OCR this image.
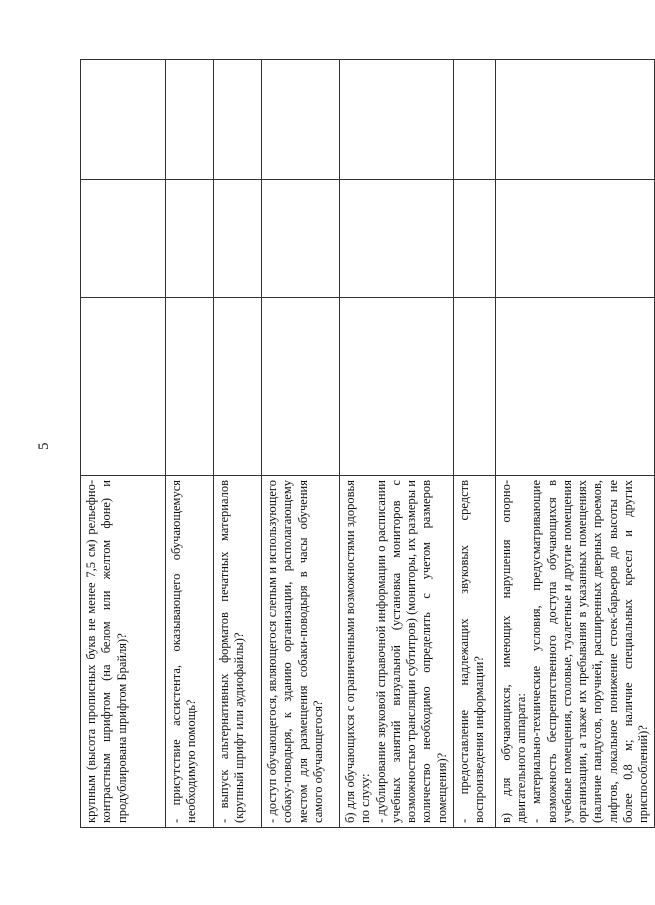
5
крупным (высота прописных букв не менее 7,5 см) рельефно-контрастным шрифтом (на белом или желтом фоне) и продублирована шрифтом Брайля)?			
- присутствие ассистента, оказывающего обучающемуся необходимую помощь?			
- выпуск альтернативных форматов печатных материалов (крупный шрифт или аудиофайлы)?			
- доступ обучающегося, являющегося слепым и использующего собаку-поводыря, к зданию организации, располагающему местом для размещения собаки-поводыря в часы обучения самого обучающегося?			
б) для обучающихся с ограниченными возможностями здоровья по слуху:
- дублирование звуковой справочной информации о расписании учебных занятий визуальной (установка мониторов с возможностью трансляции субтитров) (мониторы, их размеры и количество необходимо определить с учетом размеров помещения)?			
- предоставление надлежащих звуковых средств воспроизведения информации?			
в) для обучающихся, имеющих нарушения опорно-двигательного аппарата:
- материально-технические условия, предусматривающие возможность беспрепятственного доступа обучающихся в учебные помещения, столовые, туалетные и другие помещения организации, а также их пребывания в указанных помещениях (наличие пандусов, поручней, расширенных дверных проемов, лифтов, локальное понижение стоек-барьеров до высоты не более 0,8 м; наличие специальных кресел и других приспособлений)?			
